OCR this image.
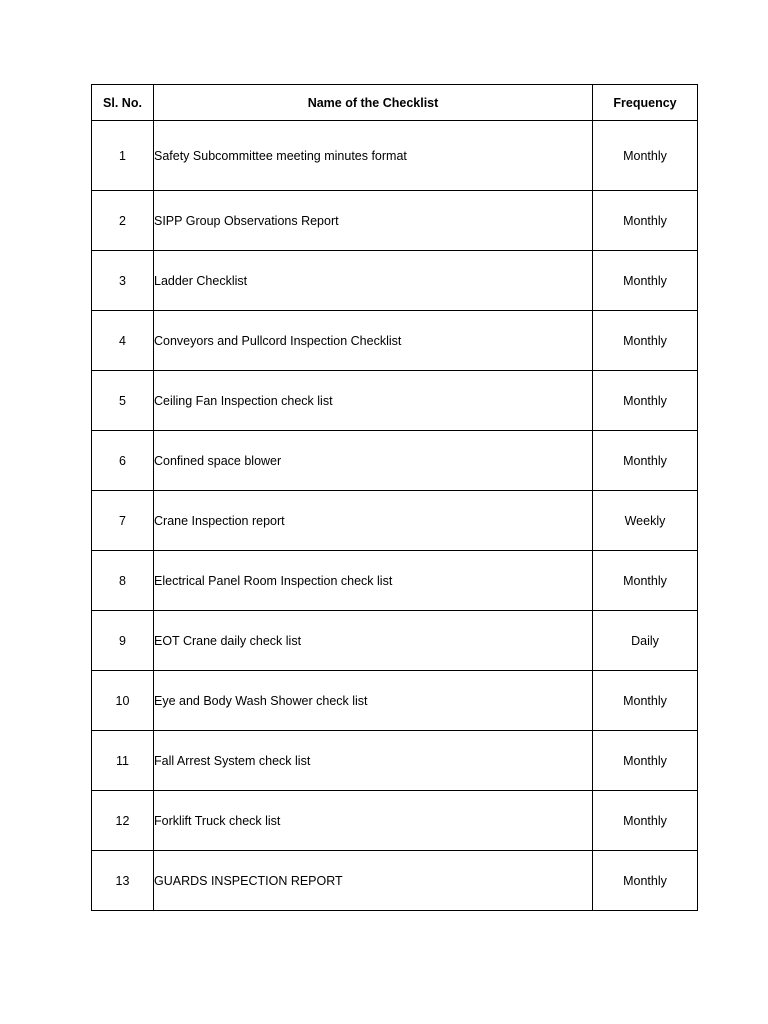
Sl. No.	Name of the Checklist	Frequency
1	Safety Subcommittee meeting minutes format	Monthly
2	SIPP Group Observations Report	Monthly
3	Ladder Checklist	Monthly
4	Conveyors and Pullcord Inspection Checklist	Monthly
5	Ceiling Fan Inspection check list	Monthly
6	Confined space blower	Monthly
7	Crane Inspection report	Weekly
8	Electrical Panel Room Inspection check list	Monthly
9	EOT Crane daily check list	Daily
10	Eye and Body Wash Shower check list	Monthly
11	Fall Arrest System check list	Monthly
12	Forklift Truck check list	Monthly
13	GUARDS INSPECTION REPORT	Monthly
